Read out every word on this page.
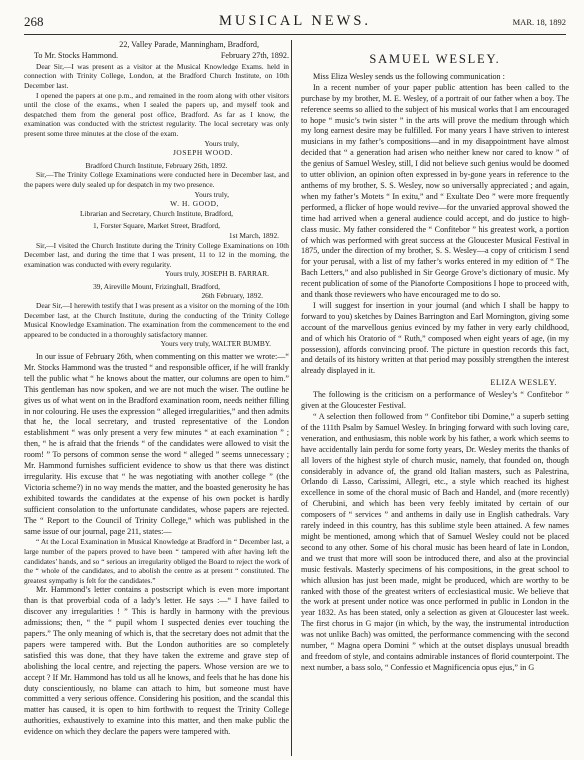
268	MUSICAL NEWS.	MAR. 18, 1892

22, Valley Parade, Manningham, Bradford,

To Mr. Stocks Hammond.	February 27th, 1892.

Dear Sir,—I was present as a visitor at the Musical Knowledge Exams. held in connection with Trinity College, London, at the Bradford Church Institute, on 10th December last.

I opened the papers at one p.m., and remained in the room along with other visitors until the close of the exams., when I sealed the papers up, and myself took and despatched them from the general post office, Bradford. As far as I know, the examination was conducted with the strictest regularity. The local secretary was only present some three minutes at the close of the exam.

Yours truly,

JOSEPH WOOD.

Bradford Church Institute, February 26th, 1892.

Sir,—The Trinity College Examinations were conducted here in December last, and the papers were duly sealed up for despatch in my two presence.

Yours truly,

W. H. GOOD,

Librarian and Secretary, Church Institute, Bradford,

1, Forster Square, Market Street, Bradford,

1st March, 1892.

Sir,—I visited the Church Institute during the Trinity College Examinations on 10th December last, and during the time that I was present, 11 to 12 in the morning, the examination was conducted with every regularity.

Yours truly, JOSEPH B. FARRAR.

39, Aireville Mount, Frizinghall, Bradford,

26th February, 1892.

Dear Sir,—I herewith testify that I was present as a visitor on the morning of the 10th December last, at the Church Institute, during the conducting of the Trinity College Musical Knowledge Examination. The examination from the commencement to the end appeared to be conducted in a thoroughly satisfactory manner.

Yours very truly, WALTER BUMBY.

In our issue of February 26th, when commenting on this matter we wrote:—“ Mr. Stocks Hammond was the trusted “ and responsible officer, if he will frankly tell the public what “ he knows about the matter, our columns are open to him.” This gentleman has now spoken, and we are not much the wiser. The outline he gives us of what went on in the Bradford examination room, needs neither filling in nor colouring. He uses the expression “ alleged irregularities,” and then admits that he, the local secretary, and trusted representative of the London establishment “ was only present a very few minutes “ at each examination ” ; then, “ he is afraid that the friends “ of the candidates were allowed to visit the room! ” To persons of common sense the word “ alleged ” seems unnecessary ; Mr. Hammond furnishes sufficient evidence to show us that there was distinct irregularity. His excuse that “ he was negotiating with another college ” (the Victoria scheme?) in no way mends the matter, and the boasted generosity he has exhibited towards the candidates at the expense of his own pocket is hardly sufficient consolation to the unfortunate candidates, whose papers are rejected. The “ Report to the Council of Trinity College,” which was published in the same issue of our journal, page 211, states:—

“ At the Local Examination in Musical Knowledge at Bradford in “ December last, a large number of the papers proved to have been “ tampered with after having left the candidates’ hands, and so “ serious an irregularity obliged the Board to reject the work of the “ whole of the candidates, and to abolish the centre as at present “ constituted. The greatest sympathy is felt for the candidates.”

Mr. Hammond’s letter contains a postscript which is even more important than is that proverbial coda of a lady’s letter. He says :—“ I have failed to discover any irregularities ! ” This is hardly in harmony with the previous admissions; then, “ the “ pupil whom I suspected denies ever touching the papers.” The only meaning of which is, that the secretary does not admit that the papers were tampered with. But the London authorities are so completely satisfied this was done, that they have taken the extreme and grave step of abolishing the local centre, and rejecting the papers. Whose version are we to accept ? If Mr. Hammond has told us all he knows, and feels that he has done his duty conscientiously, no blame can attach to him, but someone must have committed a very serious offence. Considering his position, and the scandal this matter has caused, it is open to him forthwith to request the Trinity College authorities, exhaustively to examine into this matter, and then make public the evidence on which they declare the papers were tampered with.

SAMUEL WESLEY.

Miss Eliza Wesley sends us the following communication :

In a recent number of your paper public attention has been called to the purchase by my brother, M. E. Wesley, of a portrait of our father when a boy. The reference seems so allied to the subject of his musical works that I am encouraged to hope “ music’s twin sister ” in the arts will prove the medium through which my long earnest desire may be fulfilled. For many years I have striven to interest musicians in my father’s compositions—and in my disappointment have almost decided that “ a generation had arisen who neither knew nor cared to know ” of the genius of Samuel Wesley, still, I did not believe such genius would be doomed to utter oblivion, an opinion often expressed in by-gone years in reference to the anthems of my brother, S. S. Wesley, now so universally appreciated ; and again, when my father’s Motets “ In exitu,” and “ Exultate Deo ” were more frequently performed, a flicker of hope would revive—for the unvaried approval showed the time had arrived when a general audience could accept, and do justice to high-class music. My father considered the “ Confitebor ” his greatest work, a portion of which was performed with great success at the Gloucester Musical Festival in 1875, under the direction of my brother, S. S. Wesley—a copy of criticism I send for your perusal, with a list of my father’s works entered in my edition of “ The Bach Letters,” and also published in Sir George Grove’s dictionary of music. My recent publication of some of the Pianoforte Compositions I hope to proceed with, and thank those reviewers who have encouraged me to do so.

I will suggest for insertion in your journal (and which I shall be happy to forward to you) sketches by Daines Barrington and Earl Mornington, giving some account of the marvellous genius evinced by my father in very early childhood, and of which his Oratorio of “ Ruth,” composed when eight years of age, (in my possession), affords convincing proof. The picture in question records this fact, and details of its history written at that period may possibly strengthen the interest already displayed in it.

ELIZA WESLEY.

The following is the criticism on a performance of Wesley’s “ Confitebor ” given at the Gloucester Festival.

“ A selection then followed from “ Confitebor tibi Domine,” a superb setting of the 111th Psalm by Samuel Wesley. In bringing forward with such loving care, veneration, and enthusiasm, this noble work by his father, a work which seems to have accidentally lain perdu for some forty years, Dr. Wesley merits the thanks of all lovers of the highest style of church music, namely, that founded on, though considerably in advance of, the grand old Italian masters, such as Palestrina, Orlando di Lasso, Carissimi, Allegri, etc., a style which reached its highest excellence in some of the choral music of Bach and Handel, and (more recently) of Cherubini, and which has been very feebly imitated by certain of our composers of “ services ” and anthems in daily use in English cathedrals. Vary rarely indeed in this country, has this sublime style been attained. A few names might be mentioned, among which that of Samuel Wesley could not be placed second to any other. Some of his choral music has been heard of late in London, and we trust that more will soon be introduced there, and also at the provincial music festivals. Masterly specimens of his compositions, in the great school to which allusion has just been made, might be produced, which are worthy to be ranked with those of the greatest writers of ecclesiastical music. We believe that the work at present under notice was once performed in public in London in the year 1832. As has been stated, only a selection as given at Gloucester last week. The first chorus in G major (in which, by the way, the instrumental introduction was not unlike Bach) was omitted, the performance commencing with the second number, “ Magna opera Domini ” which at the outset displays unusual breadth and freedom of style, and contains admirable instances of florid counterpoint. The next number, a bass solo, “ Confessio et Magnificencia opus ejus,” in G
